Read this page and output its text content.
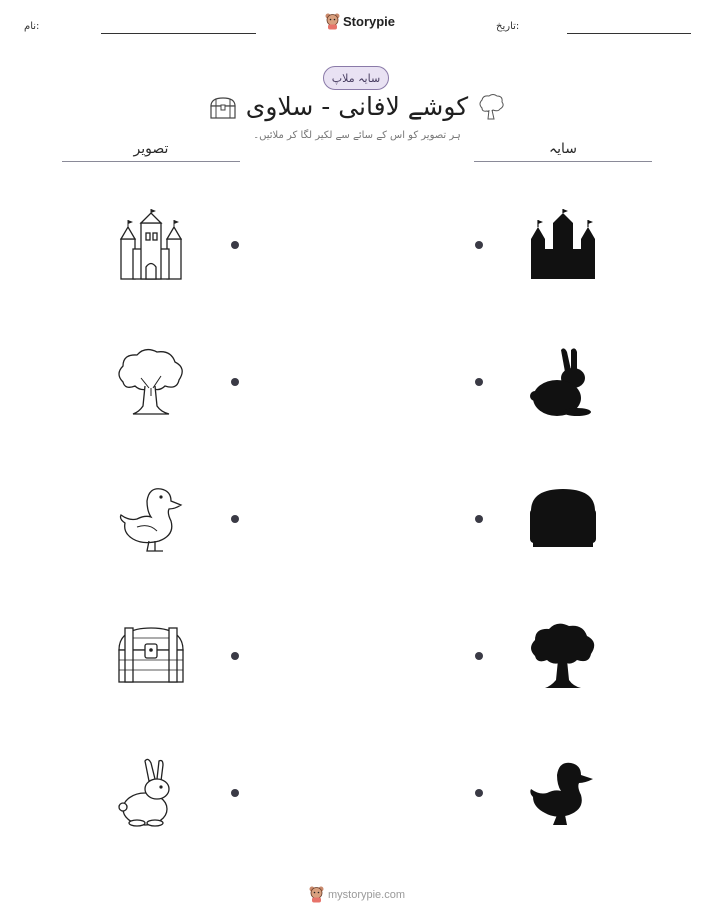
نام:	Storypie	تاریخ:
سایہ ملاپ
کوشے لافانی - سلاوی
ہر تصویر کو اس کے سائے سے لکیر لگا کر ملائیں۔
تصویر	سایہ
mystorypie.com
